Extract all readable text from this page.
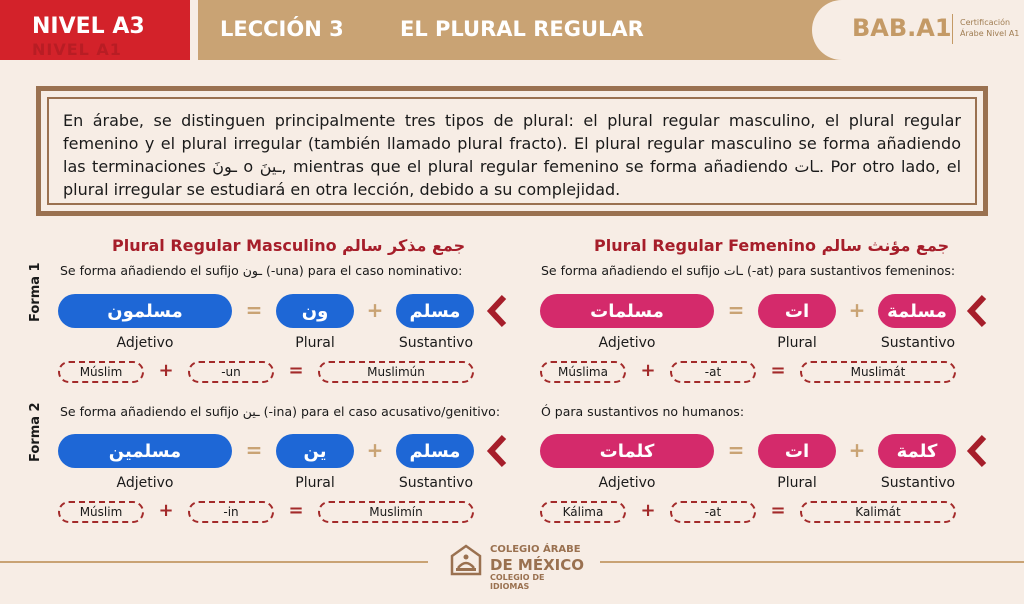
NIVEL A3
NIVEL A1
LECCIÓN 3	EL PLURAL REGULAR	BAB.A1 Certificación
Árabe Nivel A1

En árabe, se distinguen principalmente tres tipos de plural: el plural regular masculino, el plural regular femenino y el plural irregular (también llamado plural fracto). El plural regular masculino se forma añadiendo las terminaciones ـونَ o ـينَ, mientras que el plural regular femenino se forma añadiendo ـات. Por otro lado, el plural irregular se estudiará en otra lección, debido a su complejidad.

Plural Regular Masculino جمع مذكر سالم	Plural Regular Femenino جمع مؤنث سالم
Forma 1
Forma 2
Se forma añadiendo el sufijo ـون (-una) para el caso nominativo:	Se forma añadiendo el sufijo ـات (-at) para sustantivos femeninos:
Se forma añadiendo el sufijo ـين (-ina) para el caso acusativo/genitivo:	Ó para sustantivos no humanos:
مسلمون	=	ون	+	مسلم
Adjetivo	Plural	Sustantivo
Múslim	+	-un	=	Muslimún
مسلمين	=	ين	+	مسلم
Adjetivo	Plural	Sustantivo
Múslim	+	-in	=	Muslimín
مسلمات	=	ات	+	مسلمة
Adjetivo	Plural	Sustantivo
Múslima	+	-at	=	Muslimát
كلمات	=	ات	+	كلمة
Adjetivo	Plural	Sustantivo
Kálima	+	-at	=	Kalimát
COLEGIO ÁRABE
DE MÉXICO
COLEGIO DE IDIOMAS
